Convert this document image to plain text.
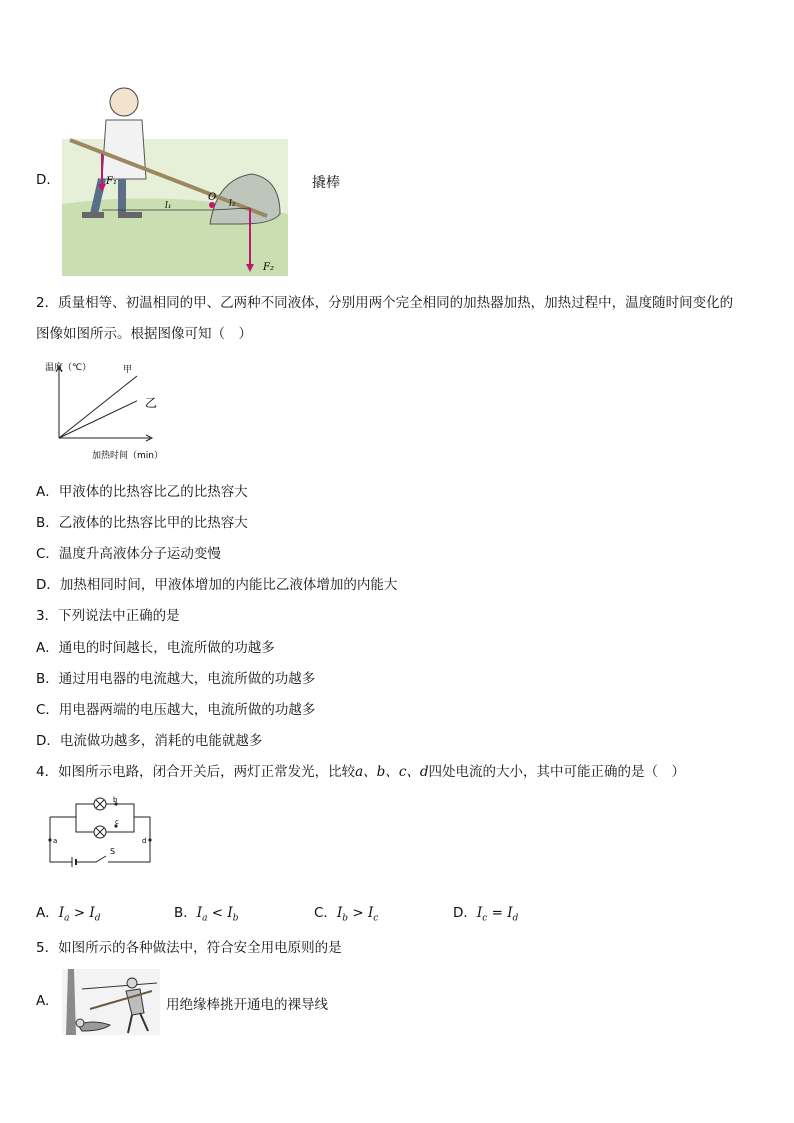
D.	F₁
O
l₁	l₂
F₂
撬棒
2．质量相等、初温相同的甲、乙两种不同液体，分别用两个完全相同的加热器加热，加热过程中，温度随时间变化的
图像如图所示。根据图像可知（　）
甲
乙
温度（℃）
加热时间（min）
A．甲液体的比热容比乙的比热容大
B．乙液体的比热容比甲的比热容大
C．温度升高液体分子运动变慢
D．加热相同时间，甲液体增加的内能比乙液体增加的内能大
3．下列说法中正确的是
A．通电的时间越长，电流所做的功越多
B．通过用电器的电流越大，电流所做的功越多
C．用电器两端的电压越大，电流所做的功越多
D．电流做功越多，消耗的电能就越多
4．如图所示电路，闭合开关后，两灯正常发光，比较a、b、c、d四处电流的大小，其中可能正确的是（　）
a
b
c
d
S
A．$I_a > I_d$	B．$I_a < I_b$	C．$I_b > I_c$	D．$I_c = I_d$
5．如图所示的各种做法中，符合安全用电原则的是
A.	用绝缘棒挑开通电的裸导线
